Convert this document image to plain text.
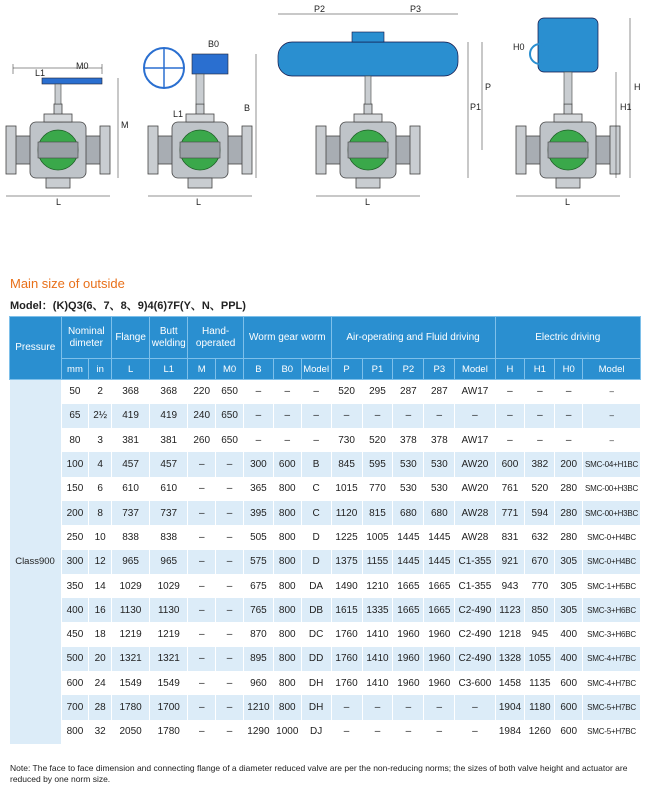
L1
M0
M
L
B0
L1
B
L
P2	P3
P1
P
L
H0
H1
H
L
Main size of outside
Model：(K)Q3(6、7、8、9)4(6)7F(Y、N、PPL)
Pressure	Nominal dimeter		Flange	Butt welding	Hand-operated		Worm gear worm			Air-operating and Fluid driving					Electric driving			
	mm	in	L	L1	M	M0	B	B0	Model	P	P1	P2	P3	Model	H	H1	H0	Model
Class900	50	2	368	368	220	650	–	–	–	520	295	287	287	AW17	–	–	–	–
	65	2½	419	419	240	650	–	–	–	–	–	–	–	–	–	–	–	–
	80	3	381	381	260	650	–	–	–	730	520	378	378	AW17	–	–	–	–
	100	4	457	457	–	–	300	600	B	845	595	530	530	AW20	600	382	200	SMC-04+H1BC
	150	6	610	610	–	–	365	800	C	1015	770	530	530	AW20	761	520	280	SMC-00+H3BC
	200	8	737	737	–	–	395	800	C	1120	815	680	680	AW28	771	594	280	SMC-00+H3BC
	250	10	838	838	–	–	505	800	D	1225	1005	1445	1445	AW28	831	632	280	SMC-0+H4BC
	300	12	965	965	–	–	575	800	D	1375	1155	1445	1445	C1-355	921	670	305	SMC-0+H4BC
	350	14	1029	1029	–	–	675	800	DA	1490	1210	1665	1665	C1-355	943	770	305	SMC-1+H5BC
	400	16	1130	1130	–	–	765	800	DB	1615	1335	1665	1665	C2-490	1123	850	305	SMC-3+H6BC
	450	18	1219	1219	–	–	870	800	DC	1760	1410	1960	1960	C2-490	1218	945	400	SMC-3+H6BC
	500	20	1321	1321	–	–	895	800	DD	1760	1410	1960	1960	C2-490	1328	1055	400	SMC-4+H7BC
	600	24	1549	1549	–	–	960	800	DH	1760	1410	1960	1960	C3-600	1458	1135	600	SMC-4+H7BC
	700	28	1780	1700	–	–	1210	800	DH	–	–	–	–	–	1904	1180	600	SMC-5+H7BC
	800	32	2050	1780	–	–	1290	1000	DJ	–	–	–	–	–	1984	1260	600	SMC-5+H7BC
Note: The face to face dimension and connecting flange of a diameter reduced valve are per the non-reducing norms; the sizes of both valve height and actuator are reduced by one norm size.
